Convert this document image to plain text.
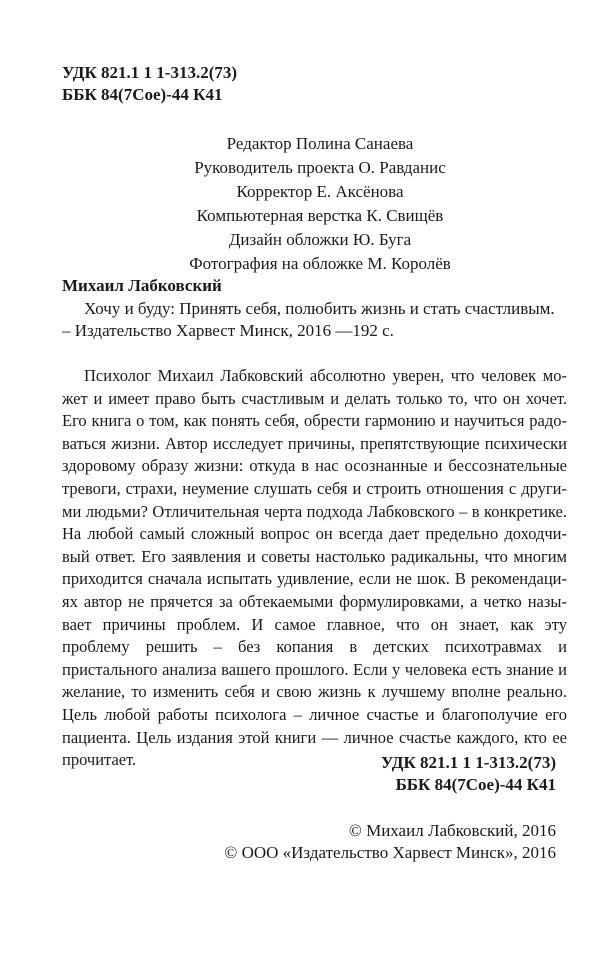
УДК 821.1 1 1-313.2(73)
ББК 84(7Сое)-44 К41
Редактор Полина Санаева
Руководитель проекта О. Равданис
Корректор Е. Аксёнова
Компьютерная верстка К. Свищёв
Дизайн обложки Ю. Буга
Фотография на обложке М. Королёв
Михаил Лабковский
Хочу и буду: Принять себя, полюбить жизнь и стать счастливым.
– Издательство Харвест Минск, 2016 —192 с.
Психолог Михаил Лабковский абсолютно уверен, что человек может и имеет право быть счастливым и делать только то, что он хочет. Его книга о том, как понять себя, обрести гармонию и научиться радоваться жизни. Автор исследует причины, препятствующие психически здоровому образу жизни: откуда в нас осознанные и бессознательные тревоги, страхи, неумение слушать себя и строить отношения с другими людьми? Отличительная черта подхода Лабковского – в конкретике. На любой самый сложный вопрос он всегда дает предельно доходчивый ответ. Его заявления и советы настолько радикальны, что многим приходится сначала испытать удивление, если не шок. В рекомендациях автор не прячется за обтекаемыми формулировками, а четко называет причины проблем. И самое главное, что он знает, как эту проблему решить – без копания в детских психотравмах и пристального анализа вашего прошлого. Если у человека есть знание и желание, то изменить себя и свою жизнь к лучшему вполне реально. Цель любой работы психолога – личное счастье и благополучие его пациента. Цель издания этой книги — личное счастье каждого, кто ее прочитает.	УДК 821.1 1 1-313.2(73)
ББК 84(7Сое)-44 К41
© Михаил Лабковский, 2016
© ООО «Издательство Харвест Минск», 2016
